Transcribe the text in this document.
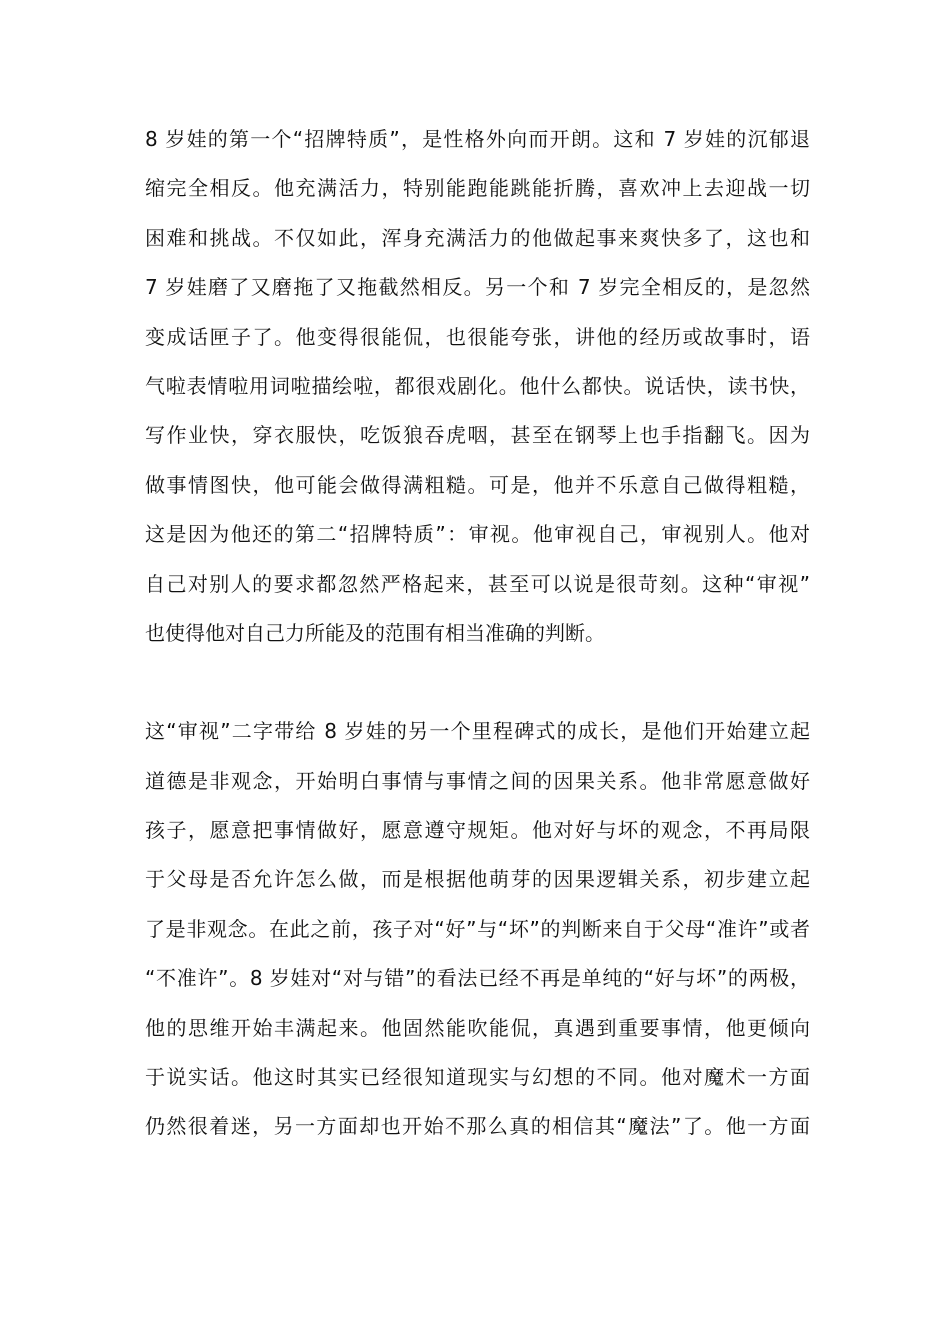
8 岁娃的第一个“招牌特质”，是性格外向而开朗。这和 7 岁娃的沉郁退
缩完全相反。他充满活力，特别能跑能跳能折腾，喜欢冲上去迎战一切
困难和挑战。不仅如此，浑身充满活力的他做起事来爽快多了，这也和
7 岁娃磨了又磨拖了又拖截然相反。另一个和 7 岁完全相反的，是忽然
变成话匣子了。他变得很能侃，也很能夸张，讲他的经历或故事时，语
气啦表情啦用词啦描绘啦，都很戏剧化。他什么都快。说话快，读书快，
写作业快，穿衣服快，吃饭狼吞虎咽，甚至在钢琴上也手指翻飞。因为
做事情图快，他可能会做得满粗糙。可是，他并不乐意自己做得粗糙，
这是因为他还的第二“招牌特质”：审视。他审视自己，审视别人。他对
自己对别人的要求都忽然严格起来，甚至可以说是很苛刻。这种“审视”
也使得他对自己力所能及的范围有相当准确的判断。
这“审视”二字带给 8 岁娃的另一个里程碑式的成长，是他们开始建立起
道德是非观念，开始明白事情与事情之间的因果关系。他非常愿意做好
孩子，愿意把事情做好，愿意遵守规矩。他对好与坏的观念，不再局限
于父母是否允许怎么做，而是根据他萌芽的因果逻辑关系，初步建立起
了是非观念。在此之前，孩子对“好”与“坏”的判断来自于父母“准许”或者
“不准许”。8 岁娃对“对与错”的看法已经不再是单纯的“好与坏”的两极，
他的思维开始丰满起来。他固然能吹能侃，真遇到重要事情，他更倾向
于说实话。他这时其实已经很知道现实与幻想的不同。他对魔术一方面
仍然很着迷，另一方面却也开始不那么真的相信其“魔法”了。他一方面
